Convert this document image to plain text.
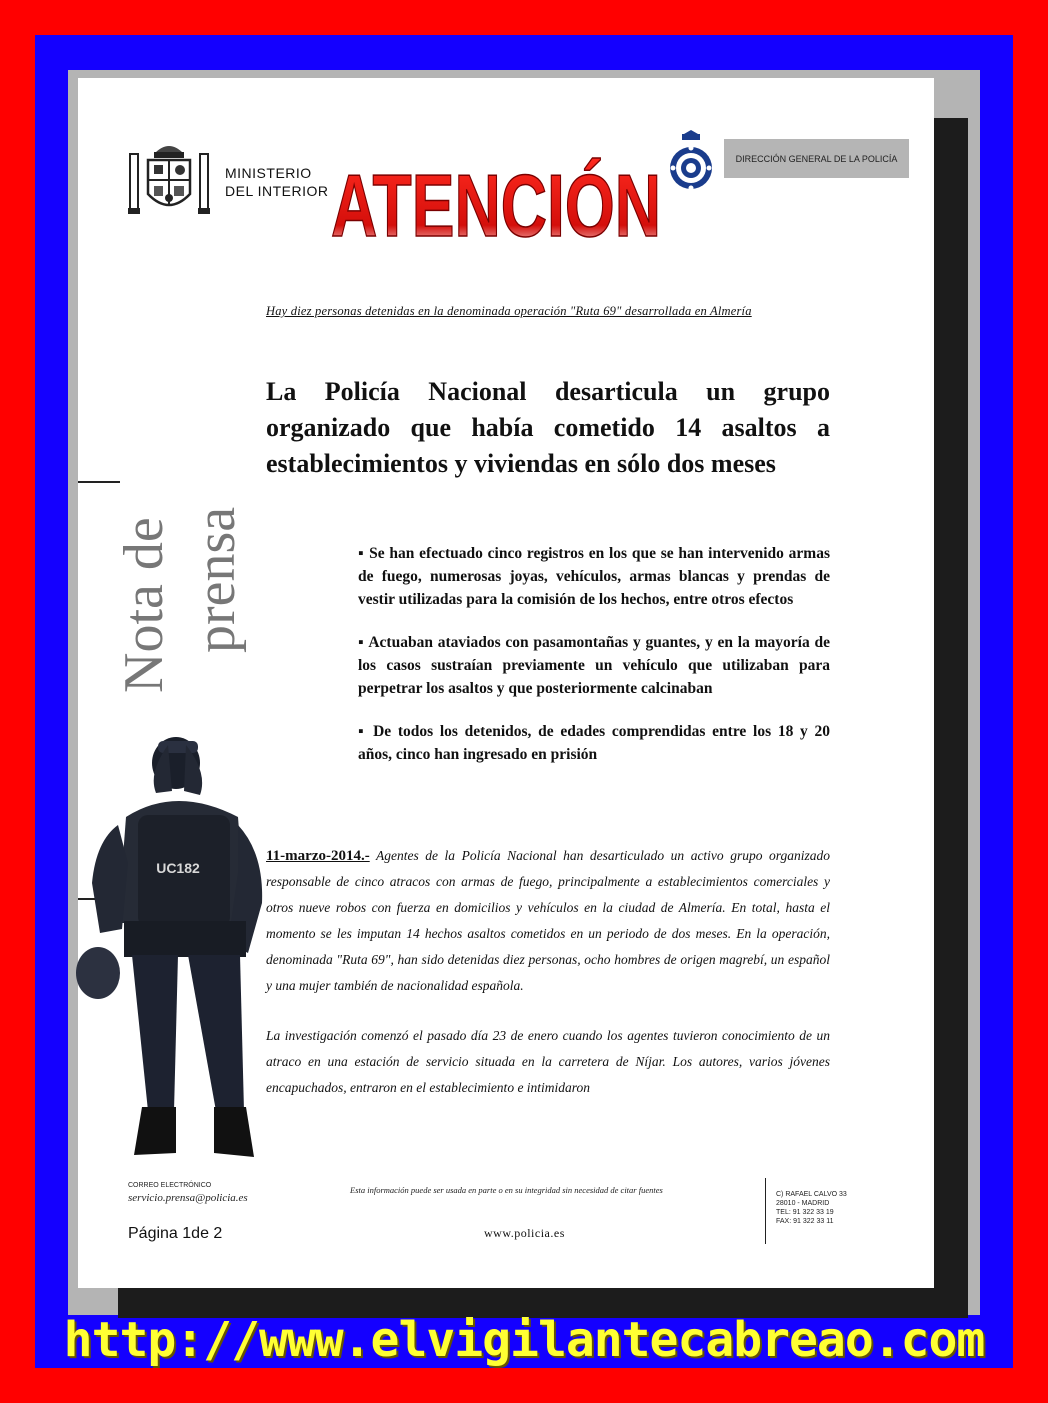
MINISTERIO
DEL INTERIOR ATENCIÓN	DIRECCIÓN GENERAL DE LA POLICÍA
Nota de prensa
Hay diez personas detenidas en la denominada operación "Ruta 69" desarrollada en Almería
La Policía Nacional desarticula un grupo organizado que había cometido 14 asaltos a establecimientos y viviendas en sólo dos meses

▪ Se han efectuado cinco registros en los que se han intervenido armas de fuego, numerosas joyas, vehículos, armas blancas y prendas de vestir utilizadas para la comisión de los hechos, entre otros efectos

▪ Actuaban ataviados con pasamontañas y guantes, y en la mayoría de los casos sustraían previamente un vehículo que utilizaban para perpetrar los asaltos y que posteriormente calcinaban

▪ De todos los detenidos, de edades comprendidas entre los 18 y 20 años, cinco han ingresado en prisión

11-marzo-2014.- Agentes de la Policía Nacional han desarticulado un activo grupo organizado responsable de cinco atracos con armas de fuego, principalmente a establecimientos comerciales y otros nueve robos con fuerza en domicilios y vehículos en la ciudad de Almería. En total, hasta el momento se les imputan 14 hechos asaltos cometidos en un periodo de dos meses. En la operación, denominada "Ruta 69", han sido detenidas diez personas, ocho hombres de origen magrebí, un español y una mujer también de nacionalidad española.

La investigación comenzó el pasado día 23 de enero cuando los agentes tuvieron conocimiento de un atraco en una estación de servicio situada en la carretera de Níjar. Los autores, varios jóvenes encapuchados, entraron en el establecimiento e intimidaron

UC182
CORREO ELECTRÓNICO
servicio.prensa@policia.es
Esta información puede ser usada en parte o en su integridad sin necesidad de citar fuentes	C) RAFAEL CALVO 33
28010 - MADRID
TEL: 91 322 33 19
FAX: 91 322 33 11
Página 1de 2	www.policia.es
http://www.elvigilantecabreao.com
